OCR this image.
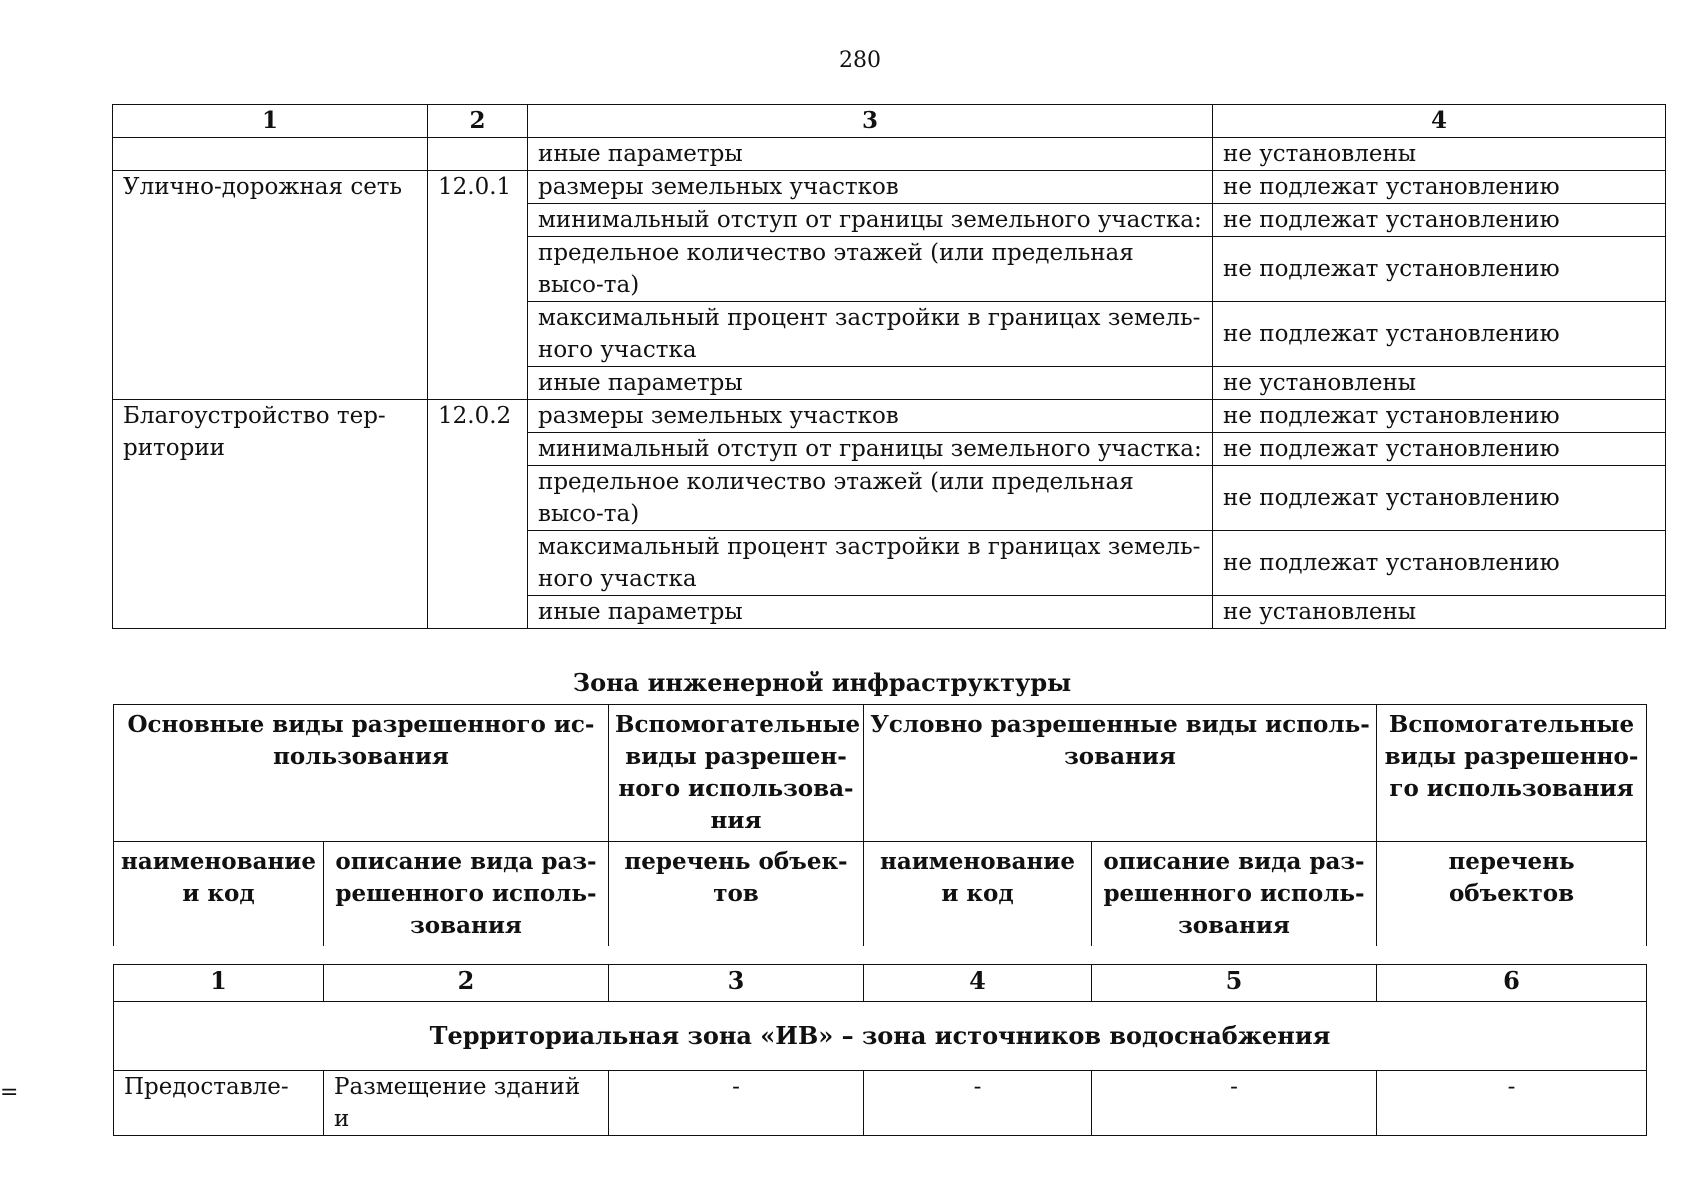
280
1	2	3	4
		иные параметры	не установлены
Улично-дорожная сеть	12.0.1	размеры земельных участков	не подлежат установлению
		минимальный отступ от границы земельного участка:	не подлежат установлению
		предельное количество этажей (или предельная высо-та)	не подлежат установлению
		максимальный процент застройки в границах земель-ного участка	не подлежат установлению
		иные параметры	не установлены
Благоустройство тер-ритории	12.0.2	размеры земельных участков	не подлежат установлению
		минимальный отступ от границы земельного участка:	не подлежат установлению
		предельное количество этажей (или предельная высо-та)	не подлежат установлению
		максимальный процент застройки в границах земель-ного участка	не подлежат установлению
		иные параметры	не установлены
Зона инженерной инфраструктуры
Основные виды разрешенного ис-пользования		Вспомогательные виды разрешен-ного использова-ния	Условно разрешенные виды исполь-зования		Вспомогательные виды разрешенно-го использования
наименование и код	описание вида раз-решенного исполь-зования	перечень объек-тов	наименование и код	описание вида раз-решенного исполь-зования	перечень объектов
1	2	3	4	5	6
Территориальная зона «ИВ» – зона источников водоснабжения					
Предоставле-	Размещение зданий и	-	-	-	-
=
